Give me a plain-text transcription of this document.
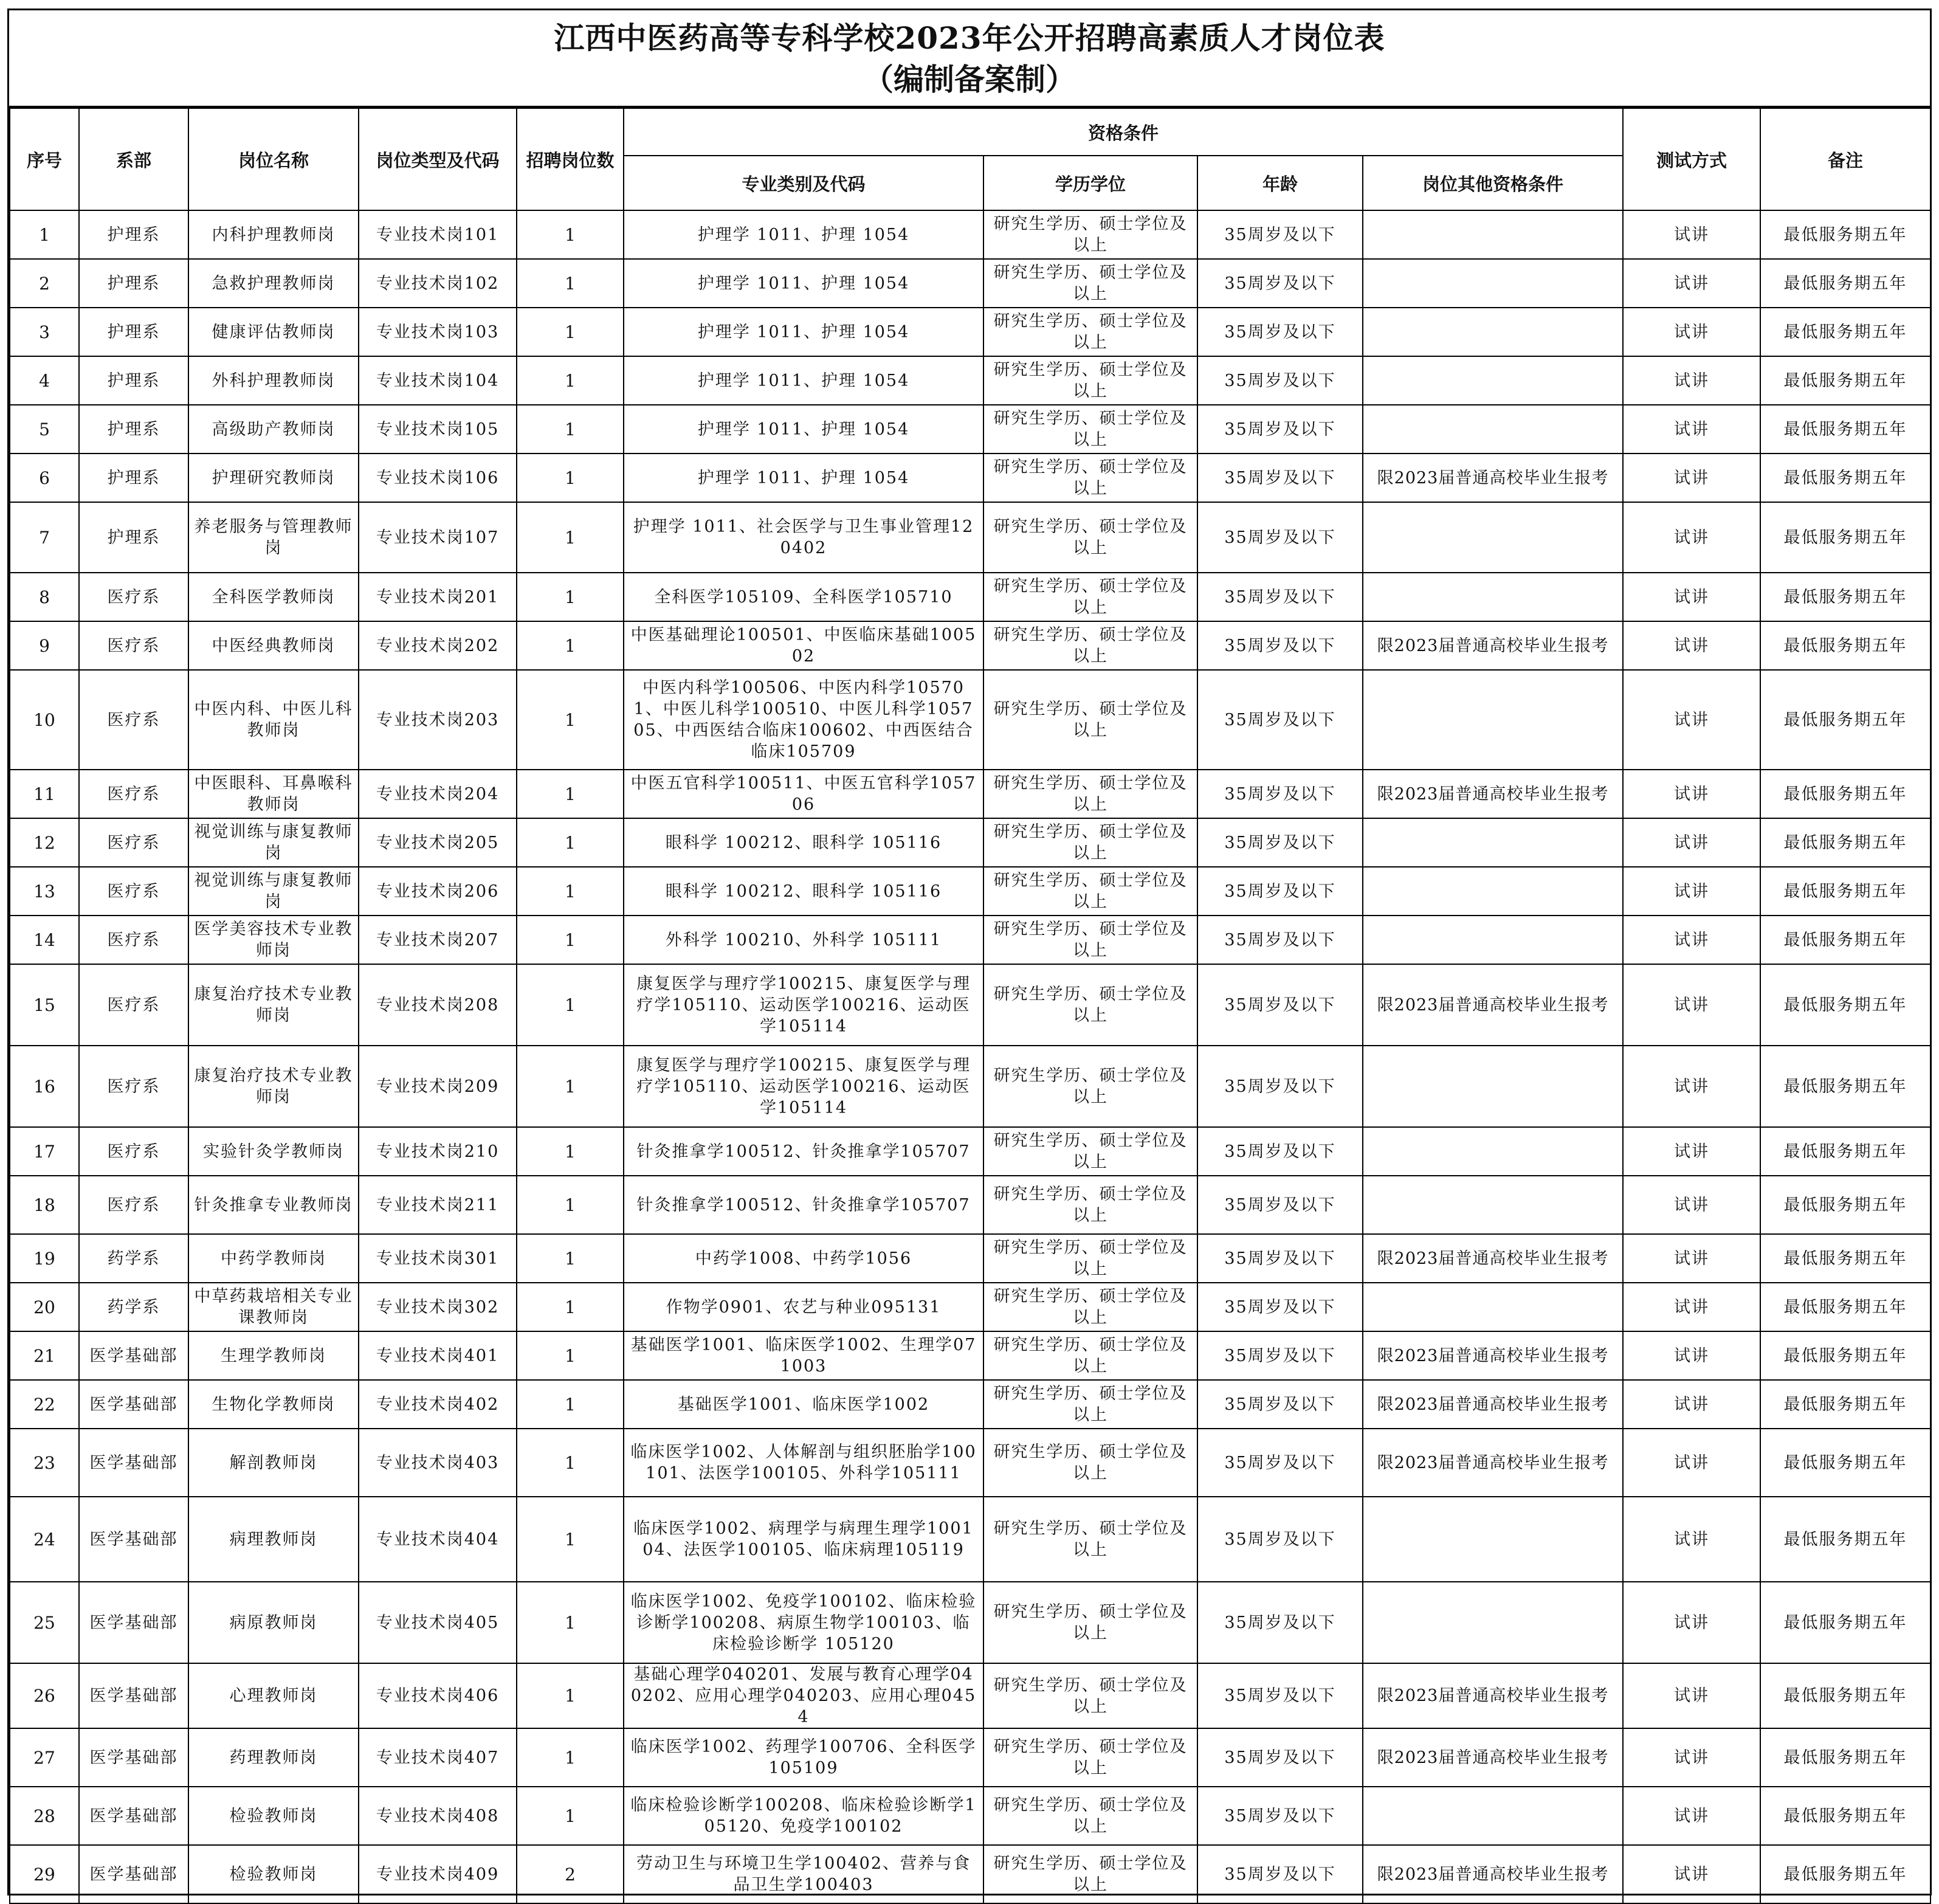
江西中医药高等专科学校2023年公开招聘高素质人才岗位表
（编制备案制）
序号	系部	岗位名称	岗位类型及代码	招聘岗位数	资格条件				测试方式	备注
					专业类别及代码	学历学位	年龄	岗位其他资格条件		
1	护理系	内科护理教师岗	专业技术岗101	1	护理学 1011、护理 1054	研究生学历、硕士学位及以上	35周岁及以下		试讲	最低服务期五年
2	护理系	急救护理教师岗	专业技术岗102	1	护理学 1011、护理 1054	研究生学历、硕士学位及以上	35周岁及以下		试讲	最低服务期五年
3	护理系	健康评估教师岗	专业技术岗103	1	护理学 1011、护理 1054	研究生学历、硕士学位及以上	35周岁及以下		试讲	最低服务期五年
4	护理系	外科护理教师岗	专业技术岗104	1	护理学 1011、护理 1054	研究生学历、硕士学位及以上	35周岁及以下		试讲	最低服务期五年
5	护理系	高级助产教师岗	专业技术岗105	1	护理学 1011、护理 1054	研究生学历、硕士学位及以上	35周岁及以下		试讲	最低服务期五年
6	护理系	护理研究教师岗	专业技术岗106	1	护理学 1011、护理 1054	研究生学历、硕士学位及以上	35周岁及以下	限2023届普通高校毕业生报考	试讲	最低服务期五年
7	护理系	养老服务与管理教师岗	专业技术岗107	1	护理学 1011、社会医学与卫生事业管理120402	研究生学历、硕士学位及以上	35周岁及以下		试讲	最低服务期五年
8	医疗系	全科医学教师岗	专业技术岗201	1	全科医学105109、全科医学105710	研究生学历、硕士学位及以上	35周岁及以下		试讲	最低服务期五年
9	医疗系	中医经典教师岗	专业技术岗202	1	中医基础理论100501、中医临床基础100502	研究生学历、硕士学位及以上	35周岁及以下	限2023届普通高校毕业生报考	试讲	最低服务期五年
10	医疗系	中医内科、中医儿科教师岗	专业技术岗203	1	中医内科学100506、中医内科学105701、中医儿科学100510、中医儿科学105705、中西医结合临床100602、中西医结合临床105709	研究生学历、硕士学位及以上	35周岁及以下		试讲	最低服务期五年
11	医疗系	中医眼科、耳鼻喉科教师岗	专业技术岗204	1	中医五官科学100511、中医五官科学105706	研究生学历、硕士学位及以上	35周岁及以下	限2023届普通高校毕业生报考	试讲	最低服务期五年
12	医疗系	视觉训练与康复教师岗	专业技术岗205	1	眼科学 100212、眼科学 105116	研究生学历、硕士学位及以上	35周岁及以下		试讲	最低服务期五年
13	医疗系	视觉训练与康复教师岗	专业技术岗206	1	眼科学 100212、眼科学 105116	研究生学历、硕士学位及以上	35周岁及以下		试讲	最低服务期五年
14	医疗系	医学美容技术专业教师岗	专业技术岗207	1	外科学 100210、外科学 105111	研究生学历、硕士学位及以上	35周岁及以下		试讲	最低服务期五年
15	医疗系	康复治疗技术专业教师岗	专业技术岗208	1	康复医学与理疗学100215、康复医学与理疗学105110、运动医学100216、运动医学105114	研究生学历、硕士学位及以上	35周岁及以下	限2023届普通高校毕业生报考	试讲	最低服务期五年
16	医疗系	康复治疗技术专业教师岗	专业技术岗209	1	康复医学与理疗学100215、康复医学与理疗学105110、运动医学100216、运动医学105114	研究生学历、硕士学位及以上	35周岁及以下		试讲	最低服务期五年
17	医疗系	实验针灸学教师岗	专业技术岗210	1	针灸推拿学100512、针灸推拿学105707	研究生学历、硕士学位及以上	35周岁及以下		试讲	最低服务期五年
18	医疗系	针灸推拿专业教师岗	专业技术岗211	1	针灸推拿学100512、针灸推拿学105707	研究生学历、硕士学位及以上	35周岁及以下		试讲	最低服务期五年
19	药学系	中药学教师岗	专业技术岗301	1	中药学1008、中药学1056	研究生学历、硕士学位及以上	35周岁及以下	限2023届普通高校毕业生报考	试讲	最低服务期五年
20	药学系	中草药栽培相关专业课教师岗	专业技术岗302	1	作物学0901、农艺与种业095131	研究生学历、硕士学位及以上	35周岁及以下		试讲	最低服务期五年
21	医学基础部	生理学教师岗	专业技术岗401	1	基础医学1001、临床医学1002、生理学071003	研究生学历、硕士学位及以上	35周岁及以下	限2023届普通高校毕业生报考	试讲	最低服务期五年
22	医学基础部	生物化学教师岗	专业技术岗402	1	基础医学1001、临床医学1002	研究生学历、硕士学位及以上	35周岁及以下	限2023届普通高校毕业生报考	试讲	最低服务期五年
23	医学基础部	解剖教师岗	专业技术岗403	1	临床医学1002、人体解剖与组织胚胎学100101、法医学100105、外科学105111	研究生学历、硕士学位及以上	35周岁及以下	限2023届普通高校毕业生报考	试讲	最低服务期五年
24	医学基础部	病理教师岗	专业技术岗404	1	临床医学1002、病理学与病理生理学100104、法医学100105、临床病理105119	研究生学历、硕士学位及以上	35周岁及以下		试讲	最低服务期五年
25	医学基础部	病原教师岗	专业技术岗405	1	临床医学1002、免疫学100102、临床检验诊断学100208、病原生物学100103、临床检验诊断学 105120	研究生学历、硕士学位及以上	35周岁及以下		试讲	最低服务期五年
26	医学基础部	心理教师岗	专业技术岗406	1	基础心理学040201、发展与教育心理学040202、应用心理学040203、应用心理0454	研究生学历、硕士学位及以上	35周岁及以下	限2023届普通高校毕业生报考	试讲	最低服务期五年
27	医学基础部	药理教师岗	专业技术岗407	1	临床医学1002、药理学100706、全科医学105109	研究生学历、硕士学位及以上	35周岁及以下	限2023届普通高校毕业生报考	试讲	最低服务期五年
28	医学基础部	检验教师岗	专业技术岗408	1	临床检验诊断学100208、临床检验诊断学105120、免疫学100102	研究生学历、硕士学位及以上	35周岁及以下		试讲	最低服务期五年
29	医学基础部	检验教师岗	专业技术岗409	2	劳动卫生与环境卫生学100402、营养与食品卫生学100403	研究生学历、硕士学位及以上	35周岁及以下	限2023届普通高校毕业生报考	试讲	最低服务期五年
